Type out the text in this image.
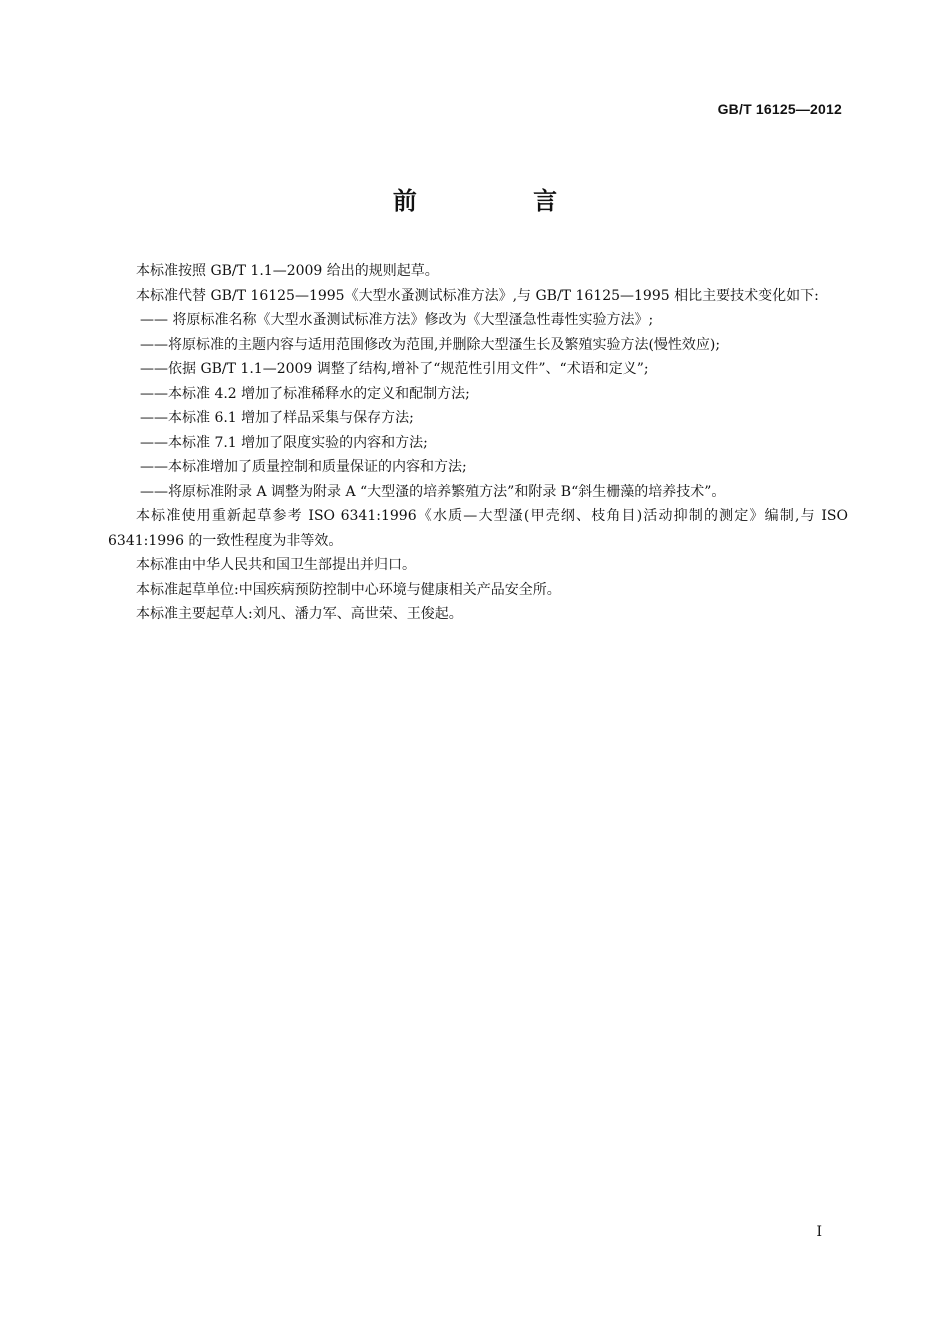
GB/T 16125—2012
前 言

本标准按照 GB/T 1.1—2009 给出的规则起草。

本标准代替 GB/T 16125—1995《大型水蚤测试标准方法》,与 GB/T 16125—1995 相比主要技术变化如下:

—— 将原标准名称《大型水蚤测试标准方法》修改为《大型溞急性毒性实验方法》;

——将原标准的主题内容与适用范围修改为范围,并删除大型溞生长及繁殖实验方法(慢性效应);

——依据 GB/T 1.1—2009 调整了结构,增补了“规范性引用文件”、“术语和定义”;

——本标准 4.2 增加了标准稀释水的定义和配制方法;

——本标准 6.1 增加了样品采集与保存方法;

——本标准 7.1 增加了限度实验的内容和方法;

——本标准增加了质量控制和质量保证的内容和方法;

——将原标准附录 A 调整为附录 A “大型溞的培养繁殖方法”和附录 B“斜生栅藻的培养技术”。

本标准使用重新起草参考 ISO 6341:1996《水质—大型溞(甲壳纲、枝角目)活动抑制的测定》编制,与 ISO 6341:1996 的一致性程度为非等效。

本标准由中华人民共和国卫生部提出并归口。

本标准起草单位:中国疾病预防控制中心环境与健康相关产品安全所。

本标准主要起草人:刘凡、潘力军、高世荣、王俊起。

I
